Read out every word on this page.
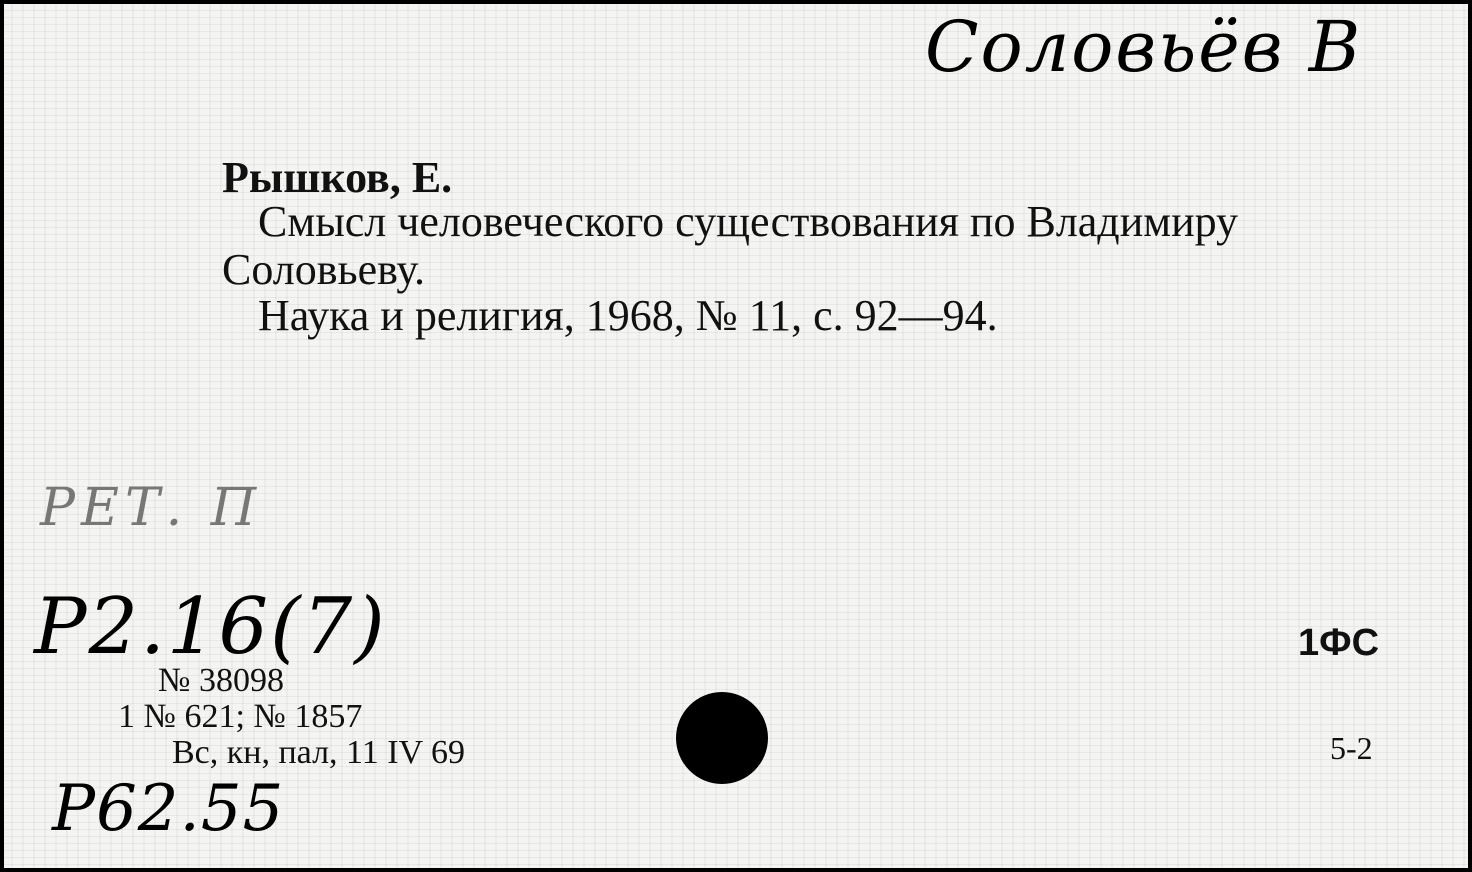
Соловьёв В
Рышков, Е.
Смысл человеческого существования по Владимиру
Соловьеву.
Наука и религия, 1968, № 11, с. 92—94.
РЕТ. П
Р2.16(7)
№ 38098
1 № 621; № 1857
Вс, кн, пал, 11 IV 69
Р62.55
1ФС
5-2
